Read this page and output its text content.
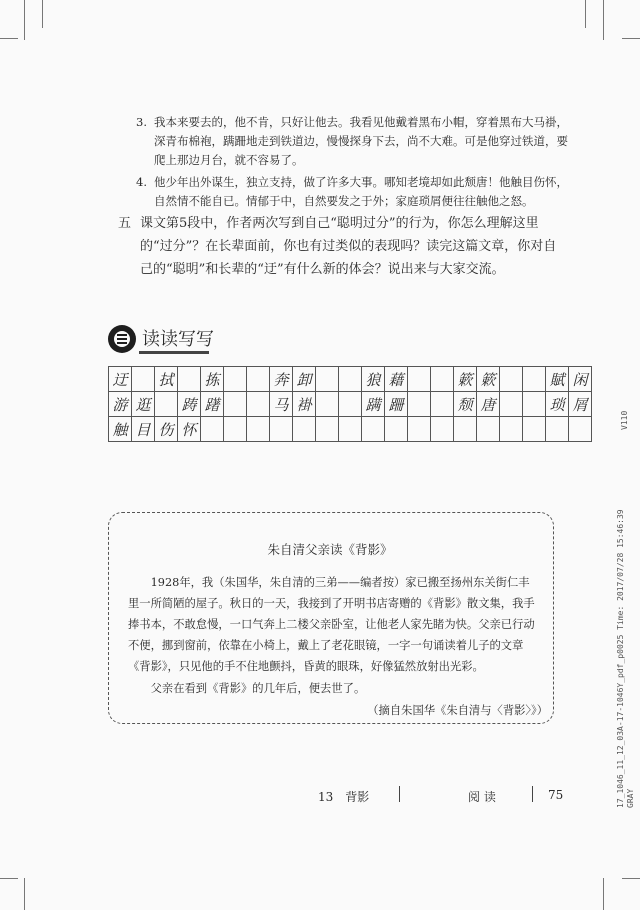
3. 我本来要去的，他不肯，只好让他去。我看见他戴着黑布小帽，穿着黑布大马褂，深青布棉袍，蹒跚地走到铁道边，慢慢探身下去，尚不大难。可是他穿过铁道，要爬上那边月台，就不容易了。
4. 他少年出外谋生，独立支持，做了许多大事。哪知老境却如此颓唐！他触目伤怀，自然情不能自已。情郁于中，自然要发之于外；家庭琐屑便往往触他之怒。
五 课文第5段中，作者两次写到自己“聪明过分”的行为，你怎么理解这里的“过分”？在长辈面前，你也有过类似的表现吗？读完这篇文章，你对自己的“聪明”和长辈的“迂”有什么新的体会？说出来与大家交流。
读读写写
迂		拭		拣			奔	卸			狼	藉			簌	簌			賦	闲
游	逛		踌	躇			马	褂			蹒	跚			颓	唐			琐	屑
触	目	伤	怀																	
朱自清父亲读《背影》
1928年，我（朱国华，朱自清的三弟——编者按）家已搬至扬州东关街仁丰里一所简陋的屋子。秋日的一天，我接到了开明书店寄赠的《背影》散文集，我手捧书本，不敢怠慢，一口气奔上二楼父亲卧室，让他老人家先睹为快。父亲已行动不便，挪到窗前，依靠在小椅上，戴上了老花眼镜，一字一句诵读着儿子的文章《背影》，只见他的手不住地颤抖，昏黄的眼珠，好像猛然放射出光彩。
父亲在看到《背影》的几年后，便去世了。
（摘自朱国华《朱自清与〈背影〉》）
13　背影	阅 读	75	17_1046_11_12_03A-17-1046Y_pdf_p0025 Time: 2017/07/28 15:46:39 GRAY
V110
